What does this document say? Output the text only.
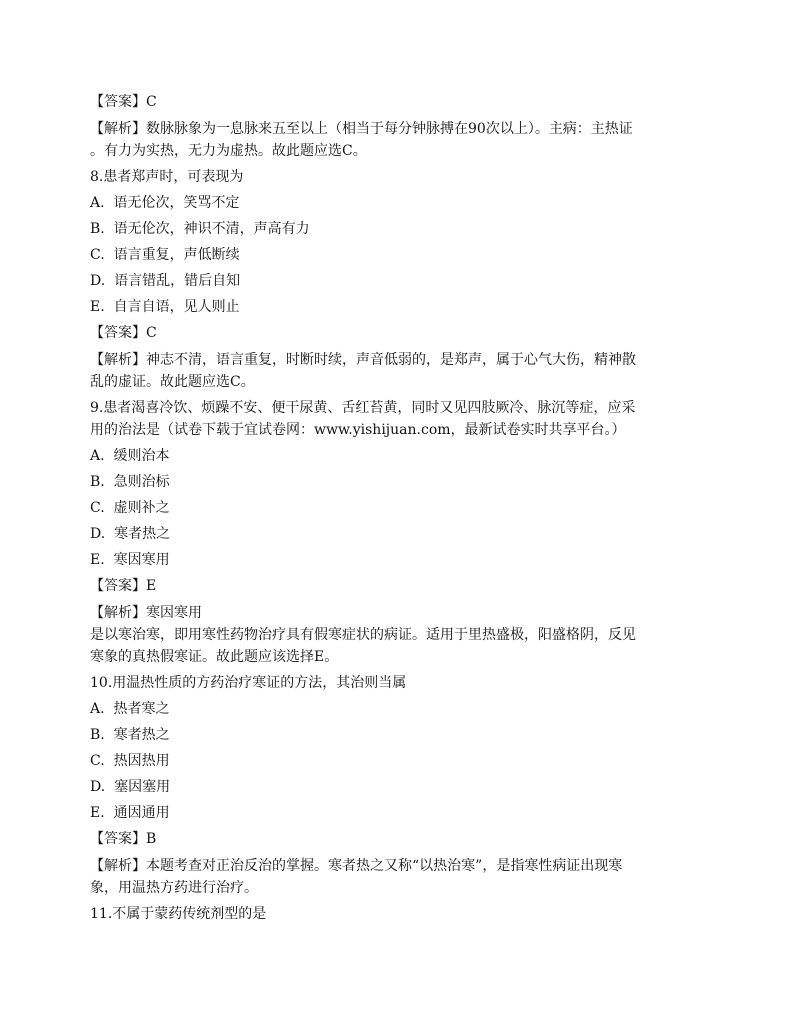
【答案】C
【解析】数脉脉象为一息脉来五至以上（相当于每分钟脉搏在90次以上）。主病：主热证
。有力为实热，无力为虚热。故此题应选C。
8.患者郑声时，可表现为
A.  语无伦次，笑骂不定
B.  语无伦次，神识不清，声高有力
C.  语言重复，声低断续
D.  语言错乱，错后自知
E.  自言自语，见人则止
【答案】C
【解析】神志不清，语言重复，时断时续，声音低弱的，是郑声，属于心气大伤，精神散
乱的虚证。故此题应选C。
9.患者渴喜冷饮、烦躁不安、便干尿黄、舌红苔黄，同时又见四肢厥冷、脉沉等症，应采
用的治法是（试卷下载于宜试卷网：www.yishijuan.com，最新试卷实时共享平台。）
A.  缓则治本
B.  急则治标
C.  虚则补之
D.  寒者热之
E.  寒因寒用
【答案】E
【解析】寒因寒用
是以寒治寒，即用寒性药物治疗具有假寒症状的病证。适用于里热盛极，阳盛格阴，反见
寒象的真热假寒证。故此题应该选择E。
10.用温热性质的方药治疗寒证的方法，其治则当属
A.  热者寒之
B.  寒者热之
C.  热因热用
D.  塞因塞用
E.  通因通用
【答案】B
【解析】本题考查对正治反治的掌握。寒者热之又称“以热治寒”，是指寒性病证出现寒
象，用温热方药进行治疗。
11.不属于蒙药传统剂型的是
